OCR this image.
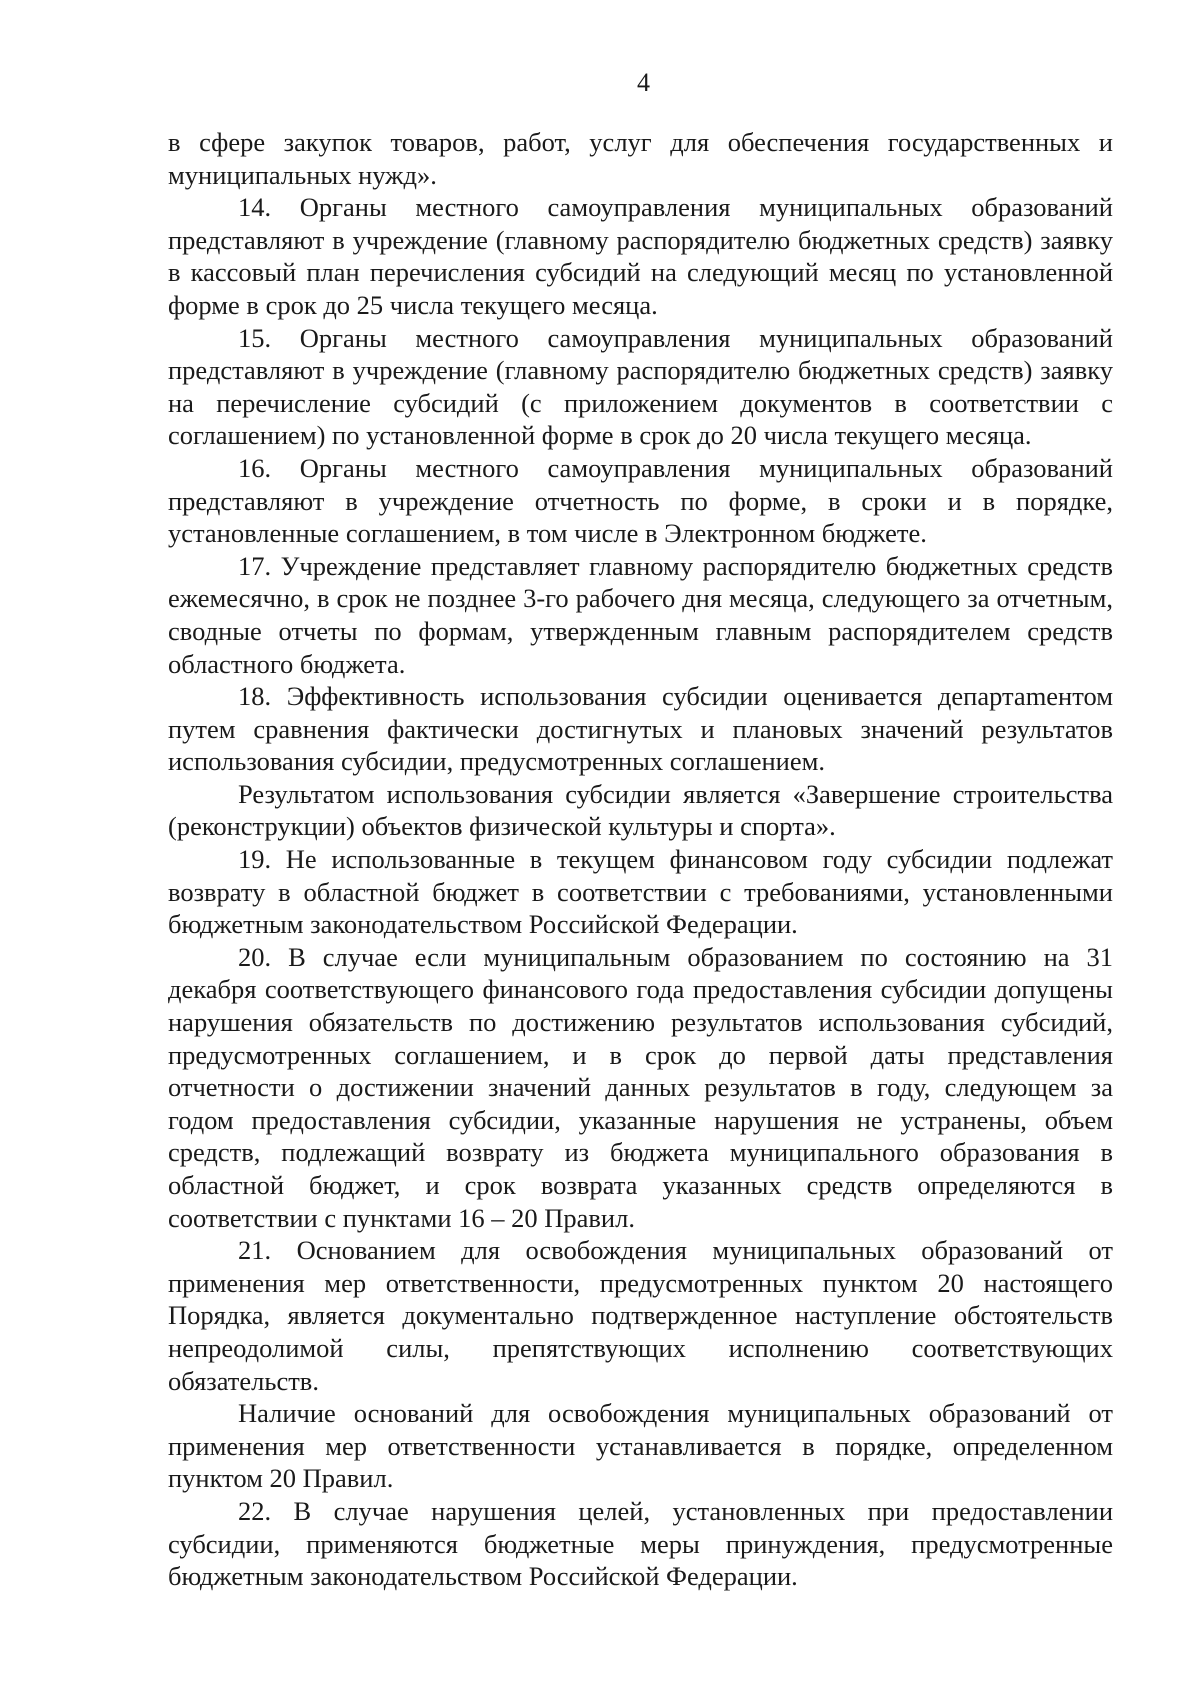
4

в сфере закупок товаров, работ, услуг для обеспечения государственных и муниципальных нужд».

14. Органы местного самоуправления муниципальных образований представляют в учреждение (главному распорядителю бюджетных средств) заявку в кассовый план перечисления субсидий на следующий месяц по установленной форме в срок до 25 числа текущего месяца.

15. Органы местного самоуправления муниципальных образований представляют в учреждение (главному распорядителю бюджетных средств) заявку на перечисление субсидий (с приложением документов в соответствии с соглашением) по установленной форме в срок до 20 числа текущего месяца.

16. Органы местного самоуправления муниципальных образований представляют в учреждение отчетность по форме, в сроки и в порядке, установленные соглашением, в том числе в Электронном бюджете.

17. Учреждение представляет главному распорядителю бюджетных средств ежемесячно, в срок не позднее 3-го рабочего дня месяца, следующего за отчетным, сводные отчеты по формам, утвержденным главным распорядителем средств областного бюджета.

18. Эффективность использования субсидии оценивается департаmентом путем сравнения фактически достигнутых и плановых значений результатов использования субсидии, предусмотренных соглашением.

Результатом использования субсидии является «Завершение строительства (реконструкции) объектов физической культуры и спорта».

19. Не использованные в текущем финансовом году субсидии подлежат возврату в областной бюджет в соответствии с требованиями, установленными бюджетным законодательством Российской Федерации.

20. В случае если муниципальным образованием по состоянию на 31 декабря соответствующего финансового года предоставления субсидии допущены нарушения обязательств по достижению результатов использования субсидий, предусмотренных соглашением, и в срок до первой даты представления отчетности о достижении значений данных результатов в году, следующем за годом предоставления субсидии, указанные нарушения не устранены, объем средств, подлежащий возврату из бюджета муниципального образования в областной бюджет, и срок возврата указанных средств определяются в соответствии с пунктами 16 – 20 Правил.

21. Основанием для освобождения муниципальных образований от применения мер ответственности, предусмотренных пунктом 20 настоящего Порядка, является документально подтвержденное наступление обстоятельств непреодолимой силы, препятствующих исполнению соответствующих обязательств.

Наличие оснований для освобождения муниципальных образований от применения мер ответственности устанавливается в порядке, определенном пунктом 20 Правил.

22. В случае нарушения целей, установленных при предоставлении субсидии, применяются бюджетные меры принуждения, предусмотренные бюджетным законодательством Российской Федерации.
